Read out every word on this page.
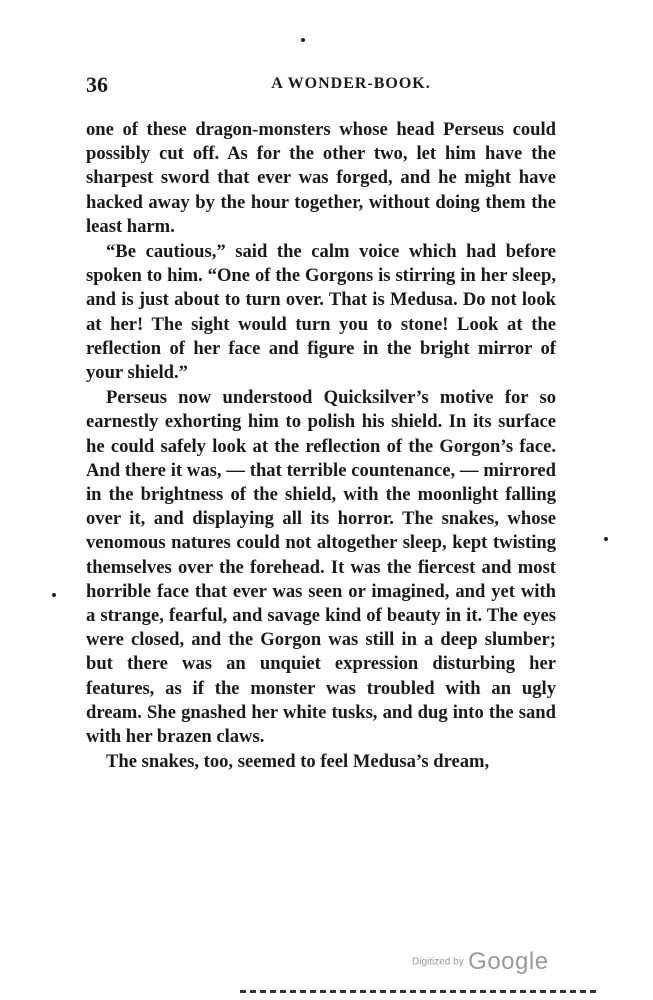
36	A WONDER-BOOK.

one of these dragon-monsters whose head Perseus could possibly cut off. As for the other two, let him have the sharpest sword that ever was forged, and he might have hacked away by the hour together, without doing them the least harm.

“Be cautious,” said the calm voice which had before spoken to him. “One of the Gorgons is stirring in her sleep, and is just about to turn over. That is Medusa. Do not look at her! The sight would turn you to stone! Look at the reflection of her face and figure in the bright mirror of your shield.”

Perseus now understood Quicksilver’s motive for so earnestly exhorting him to polish his shield. In its surface he could safely look at the reflection of the Gorgon’s face. And there it was, — that terrible countenance, — mirrored in the brightness of the shield, with the moonlight falling over it, and displaying all its horror. The snakes, whose venomous natures could not altogether sleep, kept twisting themselves over the forehead. It was the fiercest and most horrible face that ever was seen or imagined, and yet with a strange, fearful, and savage kind of beauty in it. The eyes were closed, and the Gorgon was still in a deep slumber; but there was an unquiet expression disturbing her features, as if the monster was troubled with an ugly dream. She gnashed her white tusks, and dug into the sand with her brazen claws.

The snakes, too, seemed to feel Medusa’s dream,

Digitized by Google
